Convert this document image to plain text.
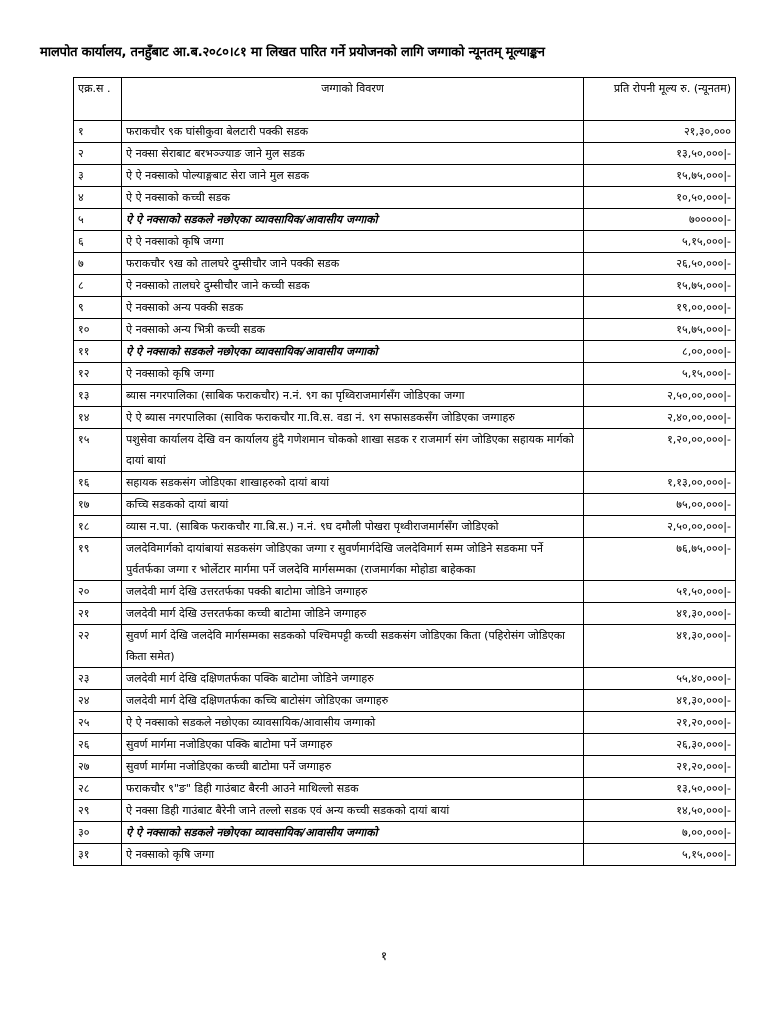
मालपोत कार्यालय, तनहुँबाट आ.ब.२०८०।८१ मा लिखत पारित गर्ने प्रयोजनको लागि जग्गाको न्यूनतम् मूल्याङ्कन
एक्र.स .	जग्गाको विवरण	प्रति रोपनी मूल्य रु. (न्यूनतम)
१	फराकचौर ९क घांसीकुवा बेलटारी पक्की सडक	२१,३०,०००
२	ऐ नक्सा सेराबाट बरभञ्ज्याङ जाने मुल सडक	१३,५०,०००|-
३	ऐ ऐ नक्साको पोल्याङ्गबाट सेरा जाने मुल सडक	१५,७५,०००|-
४	ऐ ऐ नक्साको कच्ची सडक	१०,५०,०००|-
५	ऐ ऐ नक्साको सडकले नछोएका व्यावसायिक/आवासीय जग्गाको	७०००००|-
६	ऐ ऐ नक्साको कृषि जग्गा	५,१५,०००|-
७	फराकचौर ९ख को तालघरे दुम्सीचौर जाने पक्की सडक	२६,५०,०००|-
८	ऐ नक्साको तालघरे दुम्सीचौर जाने कच्ची सडक	१५,७५,०००|-
९	ऐ नक्साको अन्य पक्की सडक	१९,००,०००|-
१०	ऐ नक्साको अन्य भित्री कच्ची सडक	१५,७५,०००|-
११	ऐ ऐ नक्साको सडकले नछोएका व्यावसायिक/आवासीय जग्गाको	८,००,०००|-
१२	ऐ नक्साको कृषि जग्गा	५,१५,०००|-
१३	ब्यास नगरपालिका (साबिक फराकचौर) न.नं. ९ग का पृथ्विराजमार्गसँग जोडिएका जग्गा	२,५०,००,०००|-
१४	ऐ ऐ ब्यास नगरपालिका (साविक फराकचौर गा.वि.स. वडा नं. ९ग सफासडकसँग जोडिएका जग्गाहरु	२,४०,००,०००|-
१५	पशुसेवा कार्यालय देखि वन कार्यालय हुंदै गणेशमान चोकको शाखा सडक र राजमार्ग संग जोडिएका सहायक मार्गको दायां बायां	१,२०,००,०००|-
१६	सहायक सडकसंग जोडिएका शाखाहरुको दायां बायां	१,१३,००,०००|-
१७	कच्चि सडकको दायां बायां	७५,००,०००|-
१८	व्यास न.पा. (साबिक फराकचौर गा.बि.स.) न.नं. ९घ दमौली पोखरा पृथ्वीराजमार्गसँग जोडिएको	२,५०,००,०००|-
१९	जलदेविमार्गको दायांबायां सडकसंग जोडिएका जग्गा र सुवर्णमार्गदेखि जलदेविमार्ग सम्म जोडिने सडकमा पर्ने पुर्वतर्फका जग्गा र भोर्लेटार मार्गमा पर्ने जलदेवि मार्गसम्मका (राजमार्गका मोहोडा बाहेकका	७६,७५,०००|-
२०	जलदेवी मार्ग देखि उत्तरतर्फका पक्की बाटोमा जोडिने जग्गाहरु	५१,५०,०००|-
२१	जलदेवी मार्ग देखि उत्तरतर्फका कच्ची बाटोमा जोडिने जग्गाहरु	४१,३०,०००|-
२२	सुवर्ण मार्ग देखि जलदेवि मार्गसम्मका सडकको पश्चिमपट्टी कच्ची सडकसंग जोडिएका किता (पहिरोसंग जोडिएका किता समेत)	४१,३०,०००|-
२३	जलदेवी मार्ग देखि दक्षिणतर्फका पक्कि बाटोमा जोडिने जग्गाहरु	५५,४०,०००|-
२४	जलदेवी मार्ग देखि दक्षिणतर्फका कच्चि बाटोसंग जोडिएका जग्गाहरु	४१,३०,०००|-
२५	ऐ ऐ नक्साको सडकले नछोएका व्यावसायिक/आवासीय जग्गाको	२१,२०,०००|-
२६	सुवर्ण मार्गमा नजोडिएका पक्कि बाटोमा पर्ने जग्गाहरु	२६,३०,०००|-
२७	सुवर्ण मार्गमा नजोडिएका कच्ची बाटोमा पर्ने जग्गाहरु	२१,२०,०००|-
२८	फराकचौर ९"ङ" डिही गाउंबाट बैरनी आउने माथिल्लो सडक	१३,५०,०००|-
२९	ऐ नक्सा डिही गाउंबाट बैरेनी जाने तल्लो सडक एवं अन्य कच्ची सडकको दायां बायां	१४,५०,०००|-
३०	ऐ ऐ नक्साको सडकले नछोएका व्यावसायिक/आवासीय जग्गाको	७,००,०००|-
३१	ऐ नक्साको कृषि जग्गा	५,१५,०००|-
१
